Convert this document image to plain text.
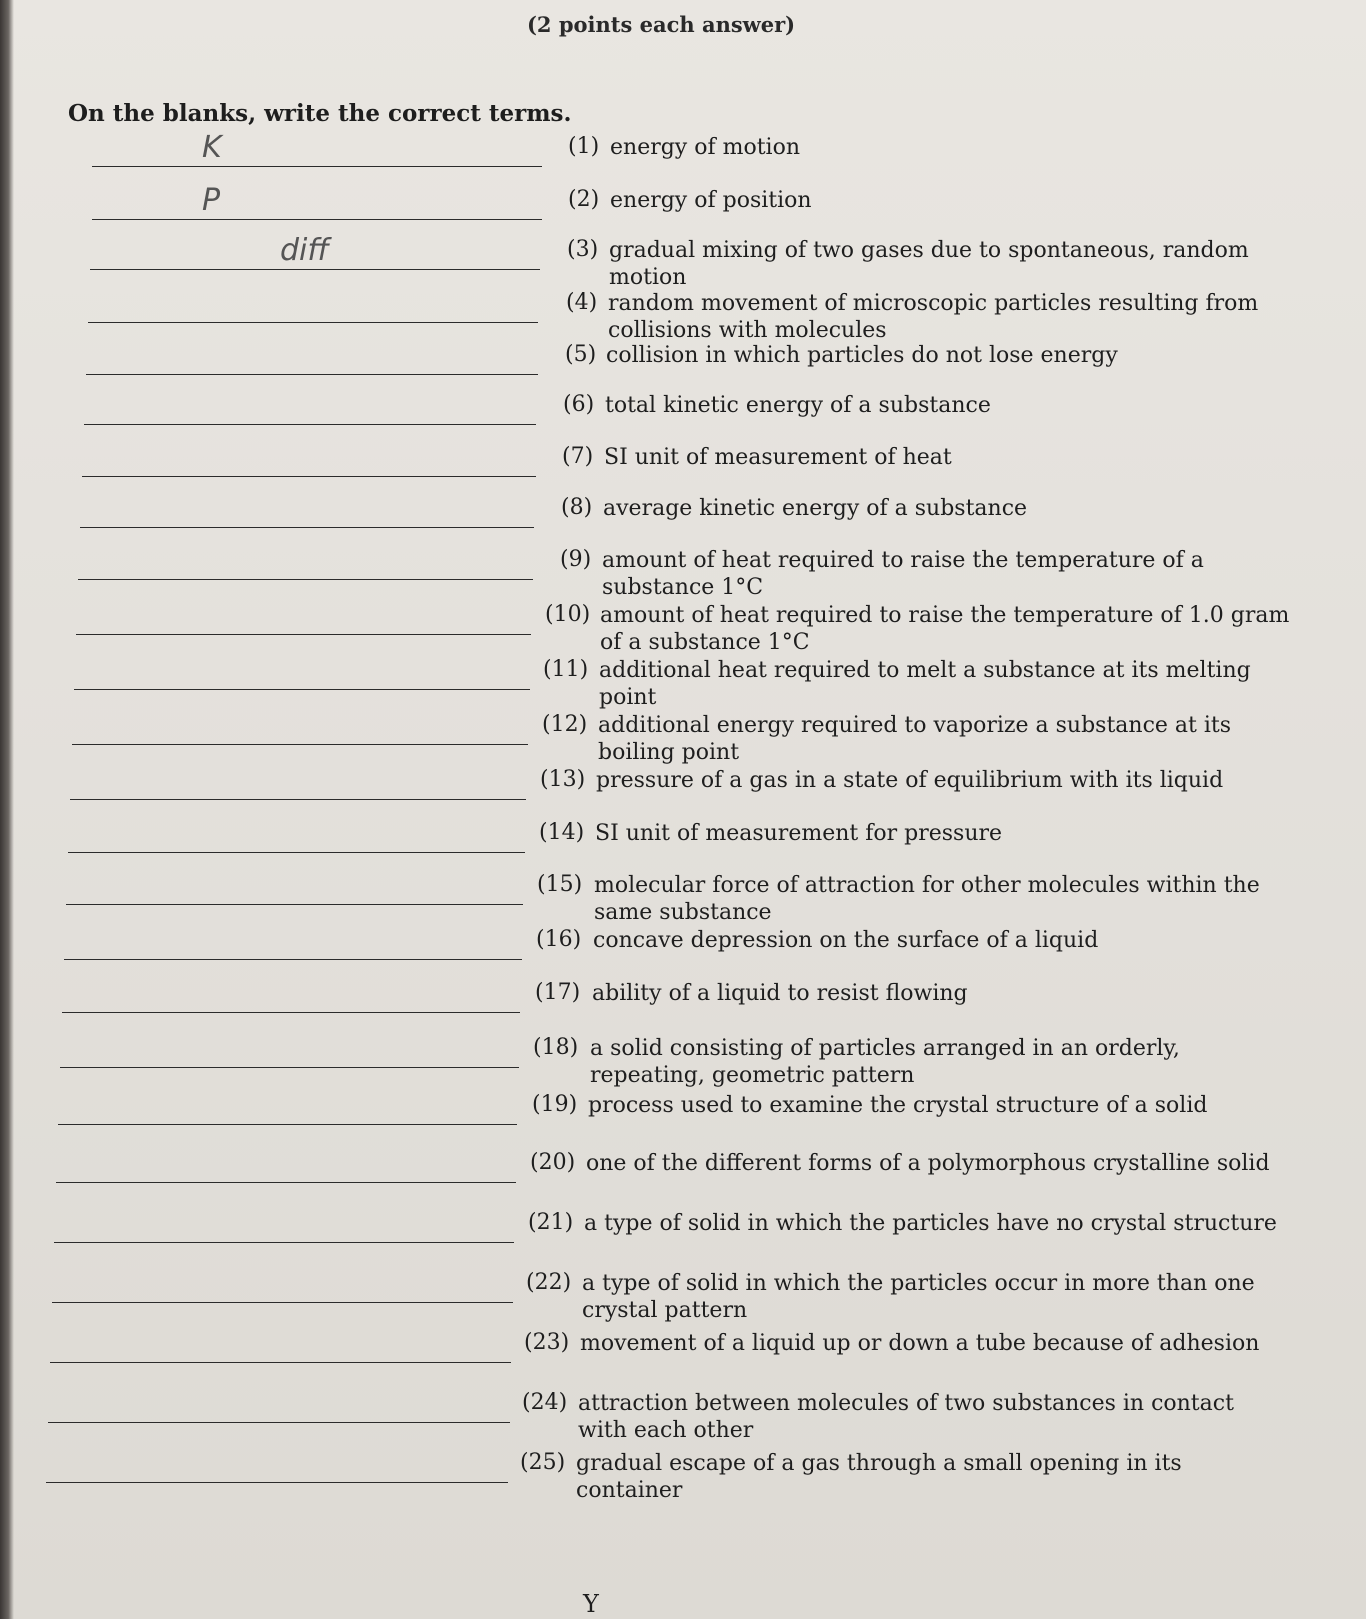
(2 points each answer)
On the blanks, write the correct terms.
K	(1) energy of motion
P	(2) energy of position
diff	(3) gradual mixing of two gases due to spontaneous, random motion
(4) random movement of microscopic particles resulting from collisions with molecules
(5) collision in which particles do not lose energy
(6) total kinetic energy of a substance
(7) SI unit of measurement of heat
(8) average kinetic energy of a substance
(9) amount of heat required to raise the temperature of a substance 1°C
(10) amount of heat required to raise the temperature of 1.0 gram of a substance 1°C
(11) additional heat required to melt a substance at its melting point
(12) additional energy required to vaporize a substance at its boiling point
(13) pressure of a gas in a state of equilibrium with its liquid
(14) SI unit of measurement for pressure
(15) molecular force of attraction for other molecules within the same substance
(16) concave depression on the surface of a liquid
(17) ability of a liquid to resist flowing
(18) a solid consisting of particles arranged in an orderly, repeating, geometric pattern
(19) process used to examine the crystal structure of a solid
(20) one of the different forms of a polymorphous crystalline solid
(21) a type of solid in which the particles have no crystal structure
(22) a type of solid in which the particles occur in more than one crystal pattern
(23) movement of a liquid up or down a tube because of adhesion
(24) attraction between molecules of two substances in contact with each other
(25) gradual escape of a gas through a small opening in its container
Y
